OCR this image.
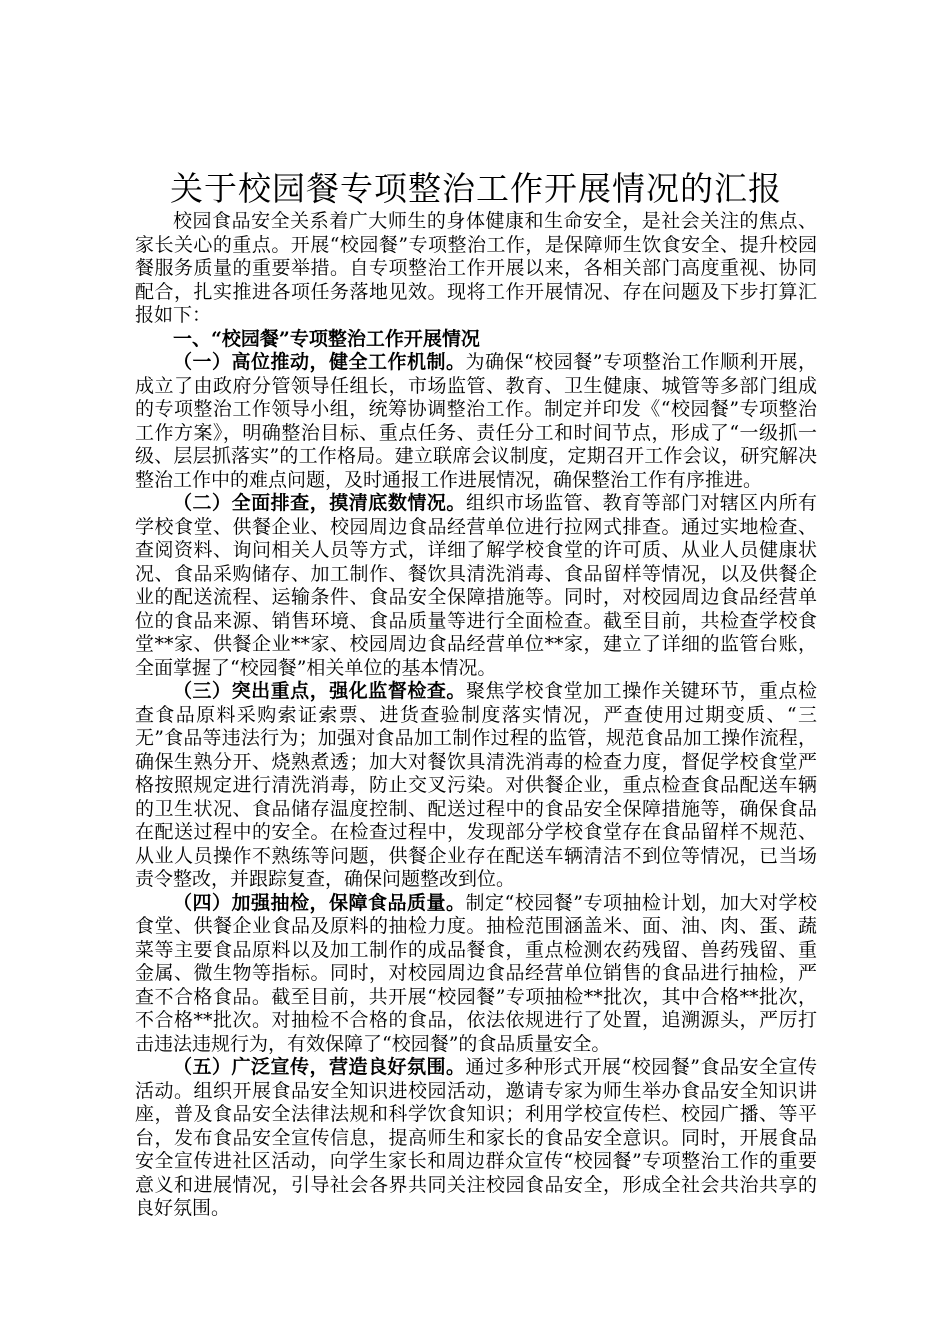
关于校园餐专项整治工作开展情况的汇报

校园食品安全关系着广大师生的身体健康和生命安全，是社会关注的焦点、家长关心的重点。开展“校园餐”专项整治工作，是保障师生饮食安全、提升校园餐服务质量的重要举措。自专项整治工作开展以来，各相关部门高度重视、协同配合，扎实推进各项任务落地见效。现将工作开展情况、存在问题及下步打算汇报如下：

一、“校园餐”专项整治工作开展情况

（一）高位推动，健全工作机制。为确保“校园餐”专项整治工作顺利开展，成立了由政府分管领导任组长，市场监管、教育、卫生健康、城管等多部门组成的专项整治工作领导小组，统筹协调整治工作。制定并印发《“校园餐”专项整治工作方案》，明确整治目标、重点任务、责任分工和时间节点，形成了“一级抓一级、层层抓落实”的工作格局。建立联席会议制度，定期召开工作会议，研究解决整治工作中的难点问题，及时通报工作进展情况，确保整治工作有序推进。

（二）全面排查，摸清底数情况。组织市场监管、教育等部门对辖区内所有学校食堂、供餐企业、校园周边食品经营单位进行拉网式排查。通过实地检查、查阅资料、询问相关人员等方式，详细了解学校食堂的许可质、从业人员健康状况、食品采购储存、加工制作、餐饮具清洗消毒、食品留样等情况，以及供餐企业的配送流程、运输条件、食品安全保障措施等。同时，对校园周边食品经营单位的食品来源、销售环境、食品质量等进行全面检查。截至目前，共检查学校食堂**家、供餐企业**家、校园周边食品经营单位**家，建立了详细的监管台账，全面掌握了“校园餐”相关单位的基本情况。

（三）突出重点，强化监督检查。聚焦学校食堂加工操作关键环节，重点检查食品原料采购索证索票、进货查验制度落实情况，严查使用过期变质、“三无”食品等违法行为；加强对食品加工制作过程的监管，规范食品加工操作流程，确保生熟分开、烧熟煮透；加大对餐饮具清洗消毒的检查力度，督促学校食堂严格按照规定进行清洗消毒，防止交叉污染。对供餐企业，重点检查食品配送车辆的卫生状况、食品储存温度控制、配送过程中的食品安全保障措施等，确保食品在配送过程中的安全。在检查过程中，发现部分学校食堂存在食品留样不规范、从业人员操作不熟练等问题，供餐企业存在配送车辆清洁不到位等情况，已当场责令整改，并跟踪复查，确保问题整改到位。

（四）加强抽检，保障食品质量。制定“校园餐”专项抽检计划，加大对学校食堂、供餐企业食品及原料的抽检力度。抽检范围涵盖米、面、油、肉、蛋、蔬菜等主要食品原料以及加工制作的成品餐食，重点检测农药残留、兽药残留、重金属、微生物等指标。同时，对校园周边食品经营单位销售的食品进行抽检，严查不合格食品。截至目前，共开展“校园餐”专项抽检**批次，其中合格**批次，不合格**批次。对抽检不合格的食品，依法依规进行了处置，追溯源头，严厉打击违法违规行为，有效保障了“校园餐”的食品质量安全。

（五）广泛宣传，营造良好氛围。通过多种形式开展“校园餐”食品安全宣传活动。组织开展食品安全知识进校园活动，邀请专家为师生举办食品安全知识讲座，普及食品安全法律法规和科学饮食知识；利用学校宣传栏、校园广播、等平台，发布食品安全宣传信息，提高师生和家长的食品安全意识。同时，开展食品安全宣传进社区活动，向学生家长和周边群众宣传“校园餐”专项整治工作的重要意义和进展情况，引导社会各界共同关注校园食品安全，形成全社会共治共享的良好氛围。
